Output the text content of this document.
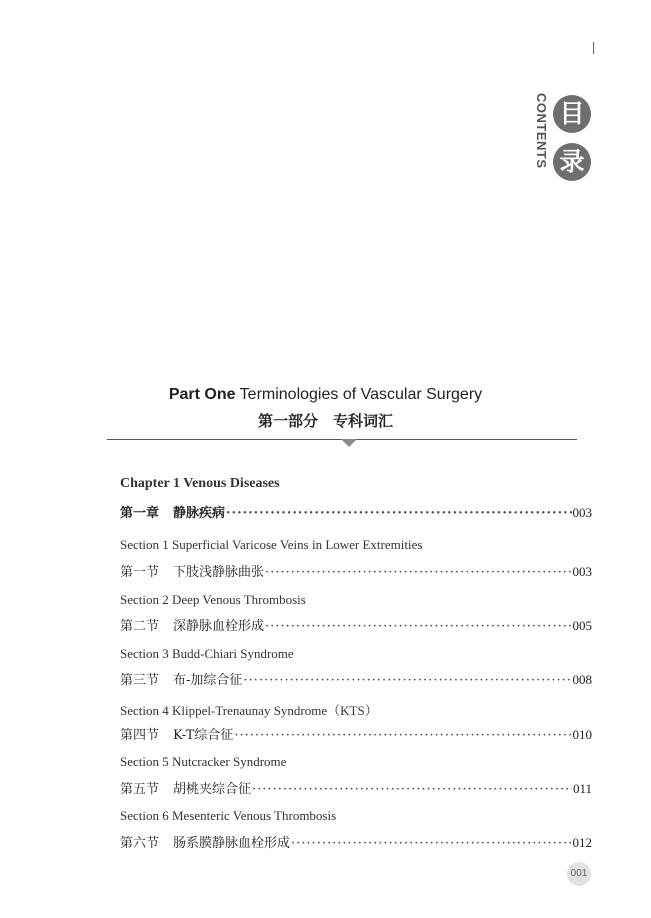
CONTENTS 目
录
Part One Terminologies of Vascular Surgery
第一部分　专科词汇
Chapter 1 Venous Diseases
第一章 静脉疾病 ·····	003
Section 1 Superficial Varicose Veins in Lower Extremities
第一节 下肢浅静脉曲张 ·····	003
Section 2 Deep Venous Thrombosis
第二节 深静脉血栓形成 ·····	005
Section 3 Budd-Chiari Syndrome
第三节 布-加综合征 ·····	008
Section 4 Klippel-Trenaunay Syndrome（KTS）
第四节 K-T综合征 ·····	010
Section 5 Nutcracker Syndrome
第五节 胡桃夹综合征 ·····	011
Section 6 Mesenteric Venous Thrombosis
第六节 肠系膜静脉血栓形成 ·····	012
001
